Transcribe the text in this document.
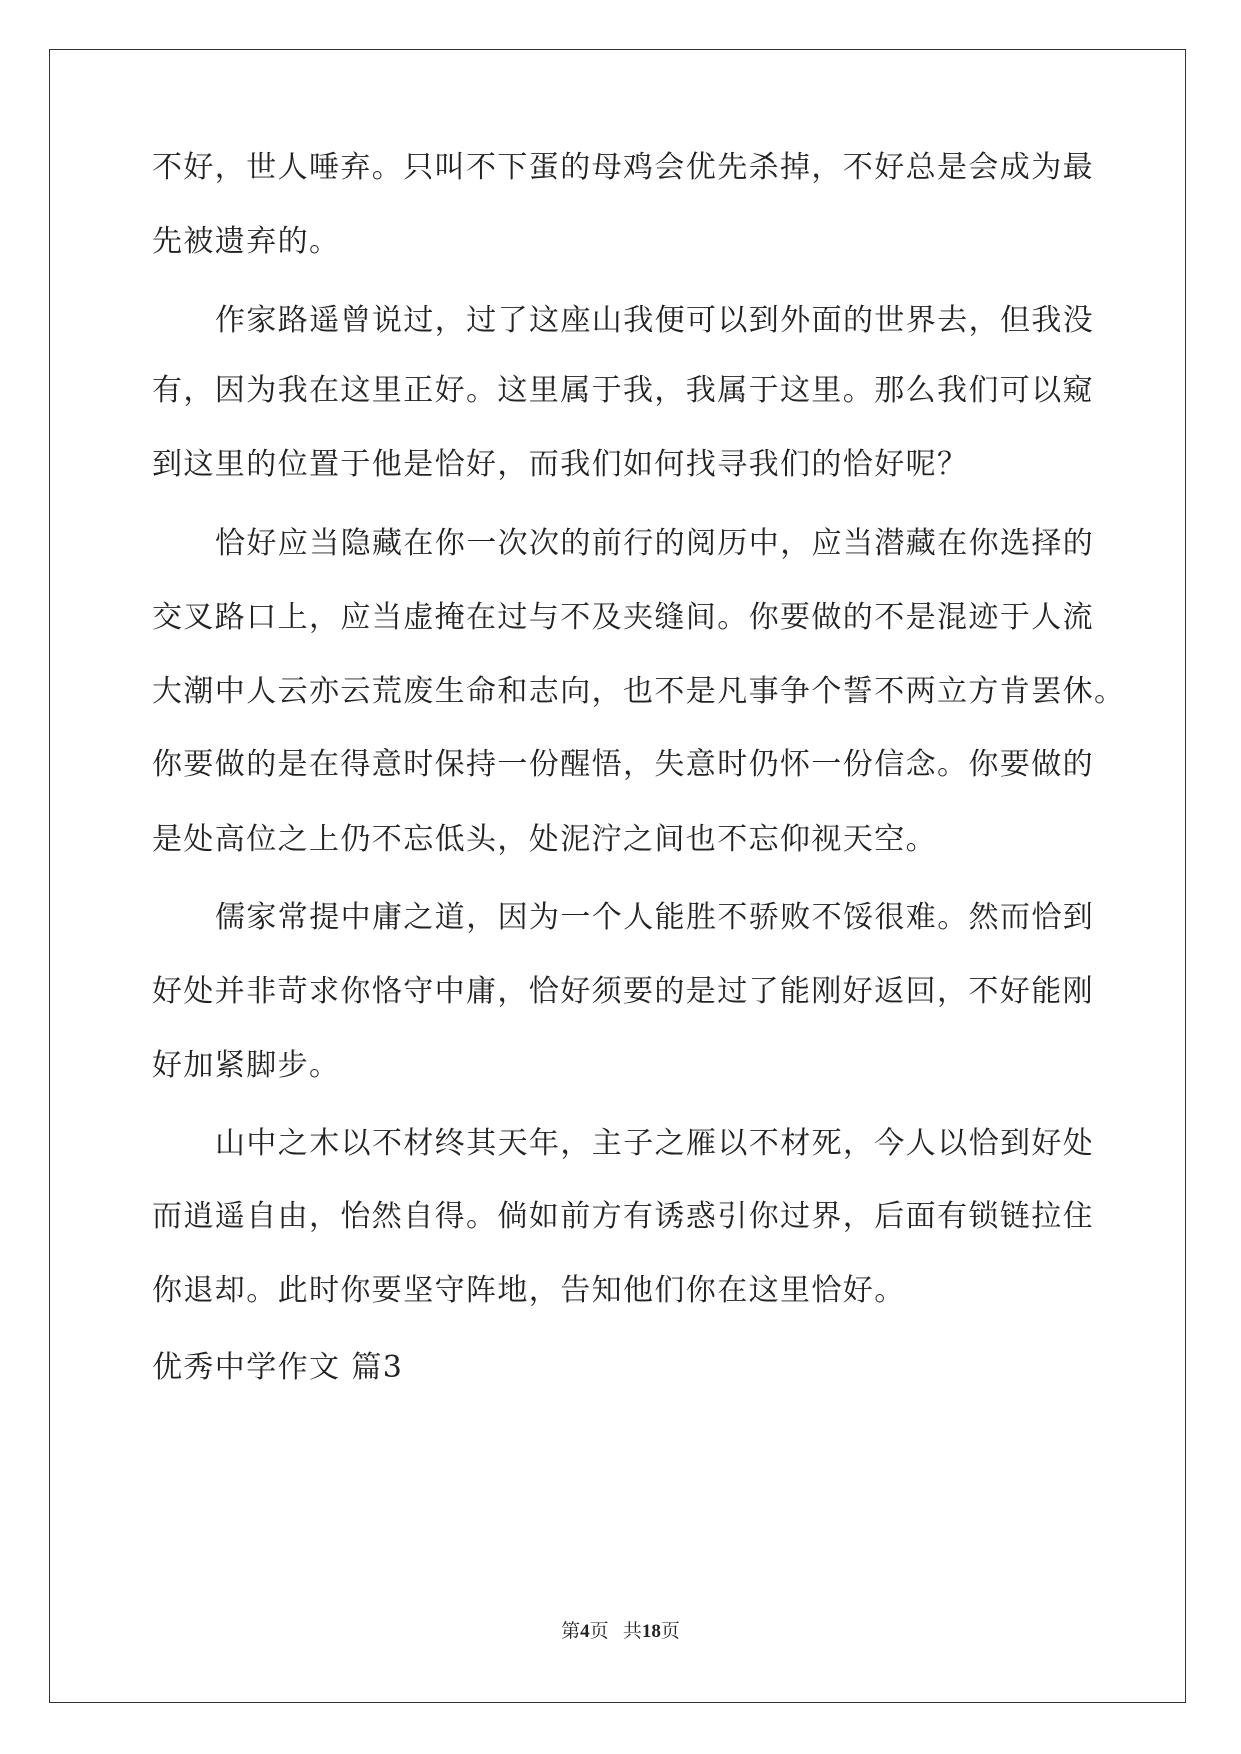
不好，世人唾弃。只叫不下蛋的母鸡会优先杀掉，不好总是会成为最
先被遗弃的。
作家路遥曾说过，过了这座山我便可以到外面的世界去，但我没
有，因为我在这里正好。这里属于我，我属于这里。那么我们可以窥
到这里的位置于他是恰好，而我们如何找寻我们的恰好呢？
恰好应当隐藏在你一次次的前行的阅历中，应当潜藏在你选择的
交叉路口上，应当虚掩在过与不及夹缝间。你要做的不是混迹于人流
大潮中人云亦云荒废生命和志向，也不是凡事争个誓不两立方肯罢休。
你要做的是在得意时保持一份醒悟，失意时仍怀一份信念。你要做的
是处高位之上仍不忘低头，处泥泞之间也不忘仰视天空。
儒家常提中庸之道，因为一个人能胜不骄败不馁很难。然而恰到
好处并非苛求你恪守中庸，恰好须要的是过了能刚好返回，不好能刚
好加紧脚步。
山中之木以不材终其天年，主子之雁以不材死，今人以恰到好处
而逍遥自由，怡然自得。倘如前方有诱惑引你过界，后面有锁链拉住
你退却。此时你要坚守阵地，告知他们你在这里恰好。
优秀中学作文 篇3
第4页 共18页
